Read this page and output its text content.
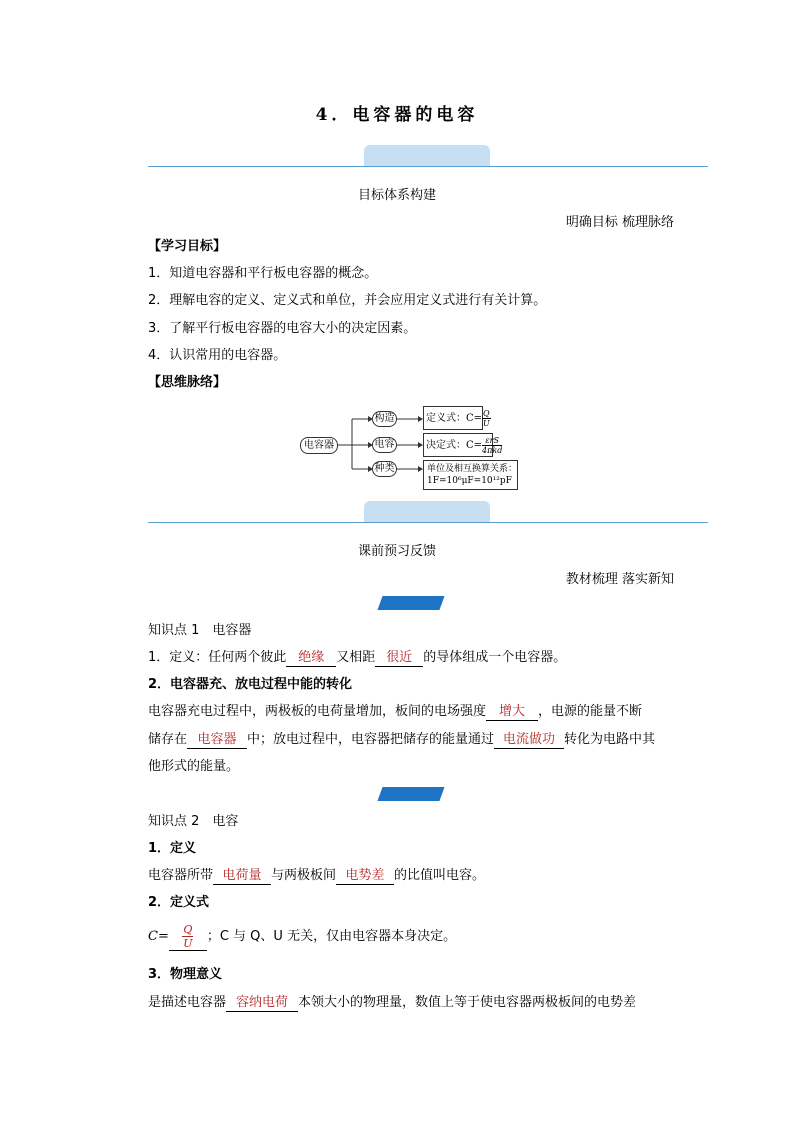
4．电容器的电容
目标体系构建
明确目标 梳理脉络
【学习目标】
1．知道电容器和平行板电容器的概念。
2．理解电容的定义、定义式和单位，并会应用定义式进行有关计算。
3．了解平行板电容器的电容大小的决定因素。
4．认识常用的电容器。
【思维脉络】
电容器
构造
电容
种类
定义式：$C= \frac{Q}{U}$
决定式：$C= \frac{\text{εrS}}{\text{4πkd}}$
单位及相互换算关系：
1F=10⁶μF=10¹²pF
课前预习反馈
教材梳理 落实新知
知识点 1　电容器
1．定义：任何两个彼此 绝缘 又相距 很近 的导体组成一个电容器。
2．电容器充、放电过程中能的转化
电容器充电过程中，两极板的电荷量增加，板间的电场强度 增大 ，电源的能量不断
储存在 电容器 中；放电过程中，电容器把储存的能量通过 电流做功 转化为电路中其
他形式的能量。
知识点 2　电容
1．定义
电容器所带 电荷量 与两极板间 电势差 的比值叫电容。
2．定义式
$C= \frac{Q}{U}$ ；C 与 Q、U 无关，仅由电容器本身决定。
3．物理意义
是描述电容器 容纳电荷 本领大小的物理量，数值上等于使电容器两极板间的电势差
